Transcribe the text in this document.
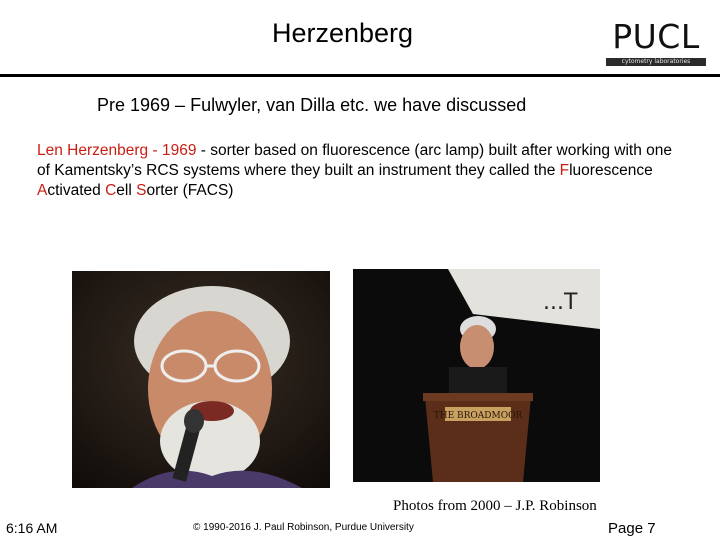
Herzenberg	PUCL
cytometry laboratories
Pre 1969 – Fulwyler, van Dilla etc. we have discussed
Len Herzenberg - 1969 - sorter based on fluorescence (arc lamp) built after working with one of Kamentsky’s RCS systems where they built an instrument they called the Fluorescence Activated Cell Sorter (FACS)
...T
THE BROADMOOR
Photos from 2000 – J.P. Robinson
6:16 AM	© 1990-2016 J. Paul Robinson, Purdue University	Page 7
